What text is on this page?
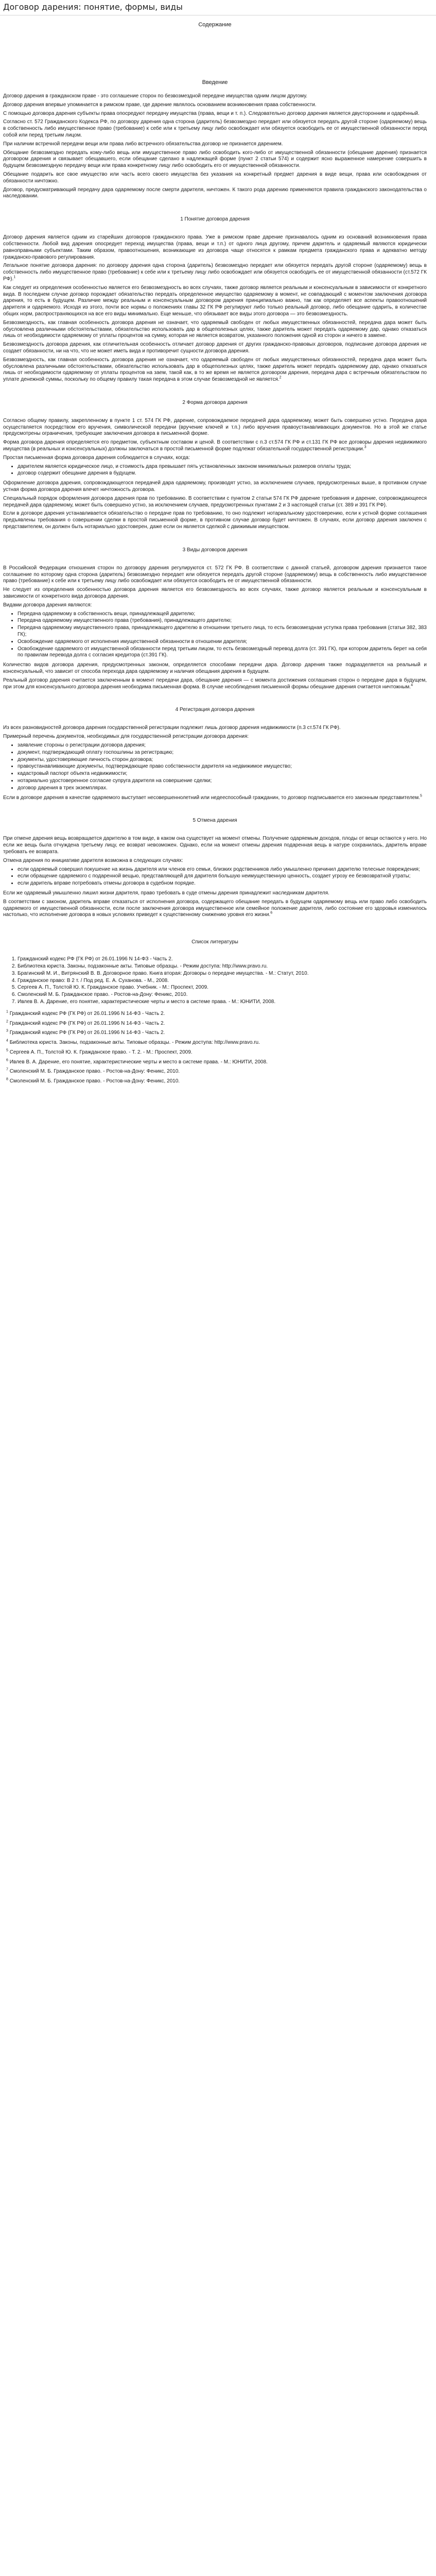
Договор дарения: понятие, формы, виды
Содержание
Введение

Договор дарения в гражданском праве - это соглашение сторон по безвозмездной передаче имущества одним лицом другому.

Договор дарения впервые упоминается в римском праве, где дарение являлось основанием возникновения права собственности.

С помощью договора дарения субъекты права опосредуют передачу имущества (права, вещи и т. п.). Следовательно договор дарения является двусторонним и одарённый.

Согласно ст. 572 Гражданского Кодекса РФ, по договору дарения одна сторона (даритель) безвозмездно передает или обязуется передать другой стороне (одаряемому) вещь в собственность либо имущественное право (требование) к себе или к третьему лицу либо освобождает или обязуется освободить ее от имущественной обязанности перед собой или перед третьим лицом.

При наличии встречной передачи вещи или права либо встречного обязательства договор не признается дарением.

Обещание безвозмездно передать кому-либо вещь или имущественное право либо освободить кого-либо от имущественной обязанности (обещание дарения) признается договором дарения и связывает обещавшего, если обещание сделано в надлежащей форме (пункт 2 статьи 574) и содержит ясно выраженное намерение совершить в будущем безвозмездную передачу вещи или права конкретному лицу либо освободить его от имущественной обязанности.

Обещание подарить все свое имущество или часть всего своего имущества без указания на конкретный предмет дарения в виде вещи, права или освобождения от обязанности ничтожно.

Договор, предусматривающий передачу дара одаряемому после смерти дарителя, ничтожен. К такого рода дарению применяются правила гражданского законодательства о наследовании.

1 Понятие договора дарения

Договор дарения является одним из старейших договоров гражданского права. Уже в римском праве дарение признавалось одним из оснований возникновения права собственности. Любой вид дарения опосредует переход имущества (права, вещи и т.п.) от одного лица другому, причем даритель и одаряемый являются юридически равноправными субъектами. Таким образом, правоотношения, возникающие из договора чаще относятся к рамкам предмета гражданского права и адекватно методу гражданско-правового регулирования.

Легальное понятие договора дарения: по договору дарения одна сторона (даритель) безвозмездно передает или обязуется передать другой стороне (одаряемому) вещь в собственность либо имущественное право (требование) к себе или к третьему лицу либо освобождает или обязуется освободить ее от имущественной обязанности (ст.572 ГК РФ).$^1$

Как следует из определения особенностью является его безвозмездность во всех случаях, также договор является реальным и консенсуальным в зависимости от конкретного вида. В последнем случае договор порождает обязательство передать определенное имущество одаряемому в момент, не совпадающий с моментом заключения договора дарения, то есть в будущем. Различие между реальным и консенсуальным договором дарения принципиально важно, так как определяет все аспекты правоотношений дарителя и одаряемого. Исходя из этого, почти все нормы о положениях главы 32 ГК РФ регулируют либо только реальный договор, либо обещание одарить, в количестве общих норм, распространяющихся на все его виды минимально. Еще меньше, что обязывает все виды этого договора — это безвозмездность.

Безвозмездность, как главная особенность договора дарения не означает, что одаряемый свободен от любых имущественных обязанностей, передача дара может быть обусловлена различными обстоятельствами, обязательство использовать дар в общеполезных целях, также даритель может передать одаряемому дар, однако отказаться лишь от необходимости одаряемому от уплаты процентов на сумму, которая не является возвратом, указанного положения одной из сторон и ничего в замене.

Безвозмездность договора дарения, как отличительная особенность отличает договор дарения от других гражданско-правовых договоров, подписание договора дарения не создает обязанности, ни на что, что не может иметь вида и противоречит сущности договора дарения.

Безвозмездность, как главная особенность договора дарения не означает, что одаряемый свободен от любых имущественных обязанностей, передача дара может быть обусловлена различными обстоятельствами, обязательство использовать дар в общеполезных целях, также даритель может передать одаряемому дар, однако отказаться лишь от необходимости одаряемому от уплаты процентов на заем, такой как, в то же время не является договором дарения, передача дара с встречным обязательством по уплате денежной суммы, поскольку по общему правилу такая передача в этом случае безвозмездной не является.$^2$

2 Форма договора дарения

Согласно общему правилу, закрепленному в пункте 1 ст. 574 ГК РФ, дарение, сопровождаемое передачей дара одаряемому, может быть совершено устно. Передача дара осуществляется посредством его вручения, символической передачи (вручение ключей и т.п.) либо вручения правоустанавливающих документов. Но в этой же статье предусмотрены ограничения, требующие заключения договора в письменной форме.

Форма договора дарения определяется его предметом, субъектным составом и ценой. В соответствии с п.3 ст.574 ГК РФ и ст.131 ГК РФ все договоры дарения недвижимого имущества (в реальных и консенсуальных) должны заключаться в простой письменной форме подлежат обязательной государственной регистрации.$^3$

Простая письменная форма договора дарения соблюдается в случаях, когда:

• дарителем является юридическое лицо, и стоимость дара превышает пять установленных законом минимальных размеров оплаты труда;
• договор содержит обещание дарения в будущем.

Оформление договора дарения, сопровождающегося передачей дара одаряемому, производят устно, за исключением случаев, предусмотренных выше, в противном случае устная форма договора дарения влечет ничтожность договора.

Специальный порядок оформления договора дарения прав по требованию. В соответствии с пунктом 2 статьи 574 ГК РФ дарение требования и дарение, сопровождающееся передачей дара одаряемому, может быть совершено устно, за исключением случаев, предусмотренных пунктами 2 и 3 настоящей статьи (ст. 389 и 391 ГК РФ).

Если в договоре дарения устанавливается обязательство о передаче прав по требованию, то оно подлежит нотариальному удостоверению, если к устной форме соглашения предъявлены требования о совершении сделки в простой письменной форме, в противном случае договор будет ничтожен. В случаях, если договор дарения заключен с представителем, он должен быть нотариально удостоверен, даже если он является сделкой с движимым имуществом.

3 Виды договоров дарения

В Российской Федерации отношения сторон по договору дарения регулируются ст. 572 ГК РФ. В соответствии с данной статьей, договором дарения признается такое соглашение по которому одна сторона (даритель) безвозмездно передает или обязуется передать другой стороне (одаряемому) вещь в собственность либо имущественное право (требование) к себе или к третьему лицу либо освобождает или обязуется освободить ее от имущественной обязанности.

Не следует из определения особенностью договора дарения является его безвозмездность во всех случаях, также договор является реальным и консенсуальным в зависимости от конкретного вида договора дарения.

Видами договора дарения являются:

• Передача одаряемому в собственность вещи, принадлежащей дарителю;
• Передача одаряемому имущественного права (требования), принадлежащего дарителю;
• Передача одаряемому имущественного права, принадлежащего дарителю в отношении третьего лица, то есть безвозмездная уступка права требования (статьи 382, 383 ГК);
• Освобождение одаряемого от исполнения имущественной обязанности в отношении дарителя;
• Освобождение одаряемого от имущественной обязанности перед третьим лицом, то есть безвозмездный перевод долга (ст. 391 ГК), при котором даритель берет на себя по правилам перевода долга с согласия кредитора (ст.391 ГК).

Количество видов договора дарения, предусмотренных законом, определяется способами передачи дара. Договор дарения также подразделяется на реальный и консенсуальный, что зависит от способа перехода дара одаряемому и наличия обещания дарения в будущем.

Реальный договор дарения считается заключенным в момент передачи дара, обещание дарения — с момента достижения соглашения сторон о передаче дара в будущем, при этом для консенсуального договора дарения необходима письменная форма. В случае несоблюдения письменной формы обещание дарения считается ничтожным.$^4$

4 Регистрация договора дарения

Из всех разновидностей договора дарения государственной регистрации подлежит лишь договор дарения недвижимости (п.3 ст.574 ГК РФ).

Примерный перечень документов, необходимых для государственной регистрации договора дарения:

• заявление стороны о регистрации договора дарения;
• документ, подтверждающий оплату госпошлины за регистрацию;
• документы, удостоверяющие личность сторон договора;
• правоустанавливающие документы, подтверждающие право собственности дарителя на недвижимое имущество;
• кадастровый паспорт объекта недвижимости;
• нотариально удостоверенное согласие супруга дарителя на совершение сделки;
• договор дарения в трех экземплярах.

Если в договоре дарения в качестве одаряемого выступает несовершеннолетний или недееспособный гражданин, то договор подписывается его законным представителем.$^5$

5 Отмена дарения

При отмене дарения вещь возвращается дарителю в том виде, в каком она существует на момент отмены. Получение одаряемым доходов, плоды от вещи остаются у него. Но если же вещь была отчуждена третьему лицу, ее возврат невозможен. Однако, если на момент отмены дарения подаренная вещь в натуре сохранилась, даритель вправе требовать ее возврата.

Отмена дарения по инициативе дарителя возможна в следующих случаях:

• если одаряемый совершил покушение на жизнь дарителя или членов его семьи, близких родственников либо умышленно причинил дарителю телесные повреждения;
• если обращение одаряемого с подаренной вещью, представляющей для дарителя большую неимущественную ценность, создает угрозу ее безвозвратной утраты;
• если даритель вправе потребовать отмены договора в судебном порядке.

Если же одаряемый умышленно лишил жизни дарителя, право требовать в суде отмены дарения принадлежит наследникам дарителя.

В соответствии с законом, даритель вправе отказаться от исполнения договора, содержащего обещание передать в будущем одаряемому вещь или право либо освободить одаряемого от имущественной обязанности, если после заключения договора имущественное или семейное положение дарителя, либо состояние его здоровья изменилось настолько, что исполнение договора в новых условиях приведет к существенному снижению уровня его жизни.$^6$

Список литературы
1. Гражданский кодекс РФ (ГК РФ) от 26.01.1996 N 14-ФЗ - Часть 2.
2. Библиотека юриста. Законы, подзаконные акты. Типовые образцы. - Режим доступа: http://www.pravo.ru.
3. Брагинский М. И., Витрянский В. В. Договорное право. Книга вторая: Договоры о передаче имущества. - М.: Статут, 2010.
4. Гражданское право: В 2 т. / Под ред. Е. А. Суханова. - М., 2008.
5. Сергеев А. П., Толстой Ю. К. Гражданское право. Учебник. - М.: Проспект, 2009.
6. Смоленский М. Б. Гражданское право. - Ростов-на-Дону: Феникс, 2010.
7. Ивлев В. А. Дарение, его понятие, характеристические черты и место в системе права. - М.: ЮНИТИ, 2008.

$^1$ Гражданский кодекс РФ (ГК РФ) от 26.01.1996 N 14-ФЗ - Часть 2.

$^2$ Гражданский кодекс РФ (ГК РФ) от 26.01.1996 N 14-ФЗ - Часть 2.

$^3$ Гражданский кодекс РФ (ГК РФ) от 26.01.1996 N 14-ФЗ - Часть 2.

$^4$ Библиотека юриста. Законы, подзаконные акты. Типовые образцы. - Режим доступа: http://www.pravo.ru.

$^5$ Сергеев А. П., Толстой Ю. К. Гражданское право. - Т. 2. - М.: Проспект, 2009.

$^6$ Ивлев В. А. Дарение, его понятие, характеристические черты и место в системе права. - М.: ЮНИТИ, 2008.

$^7$ Смоленский М. Б. Гражданское право. - Ростов-на-Дону: Феникс, 2010.

$^8$ Смоленский М. Б. Гражданское право. - Ростов-на-Дону: Феникс, 2010.
